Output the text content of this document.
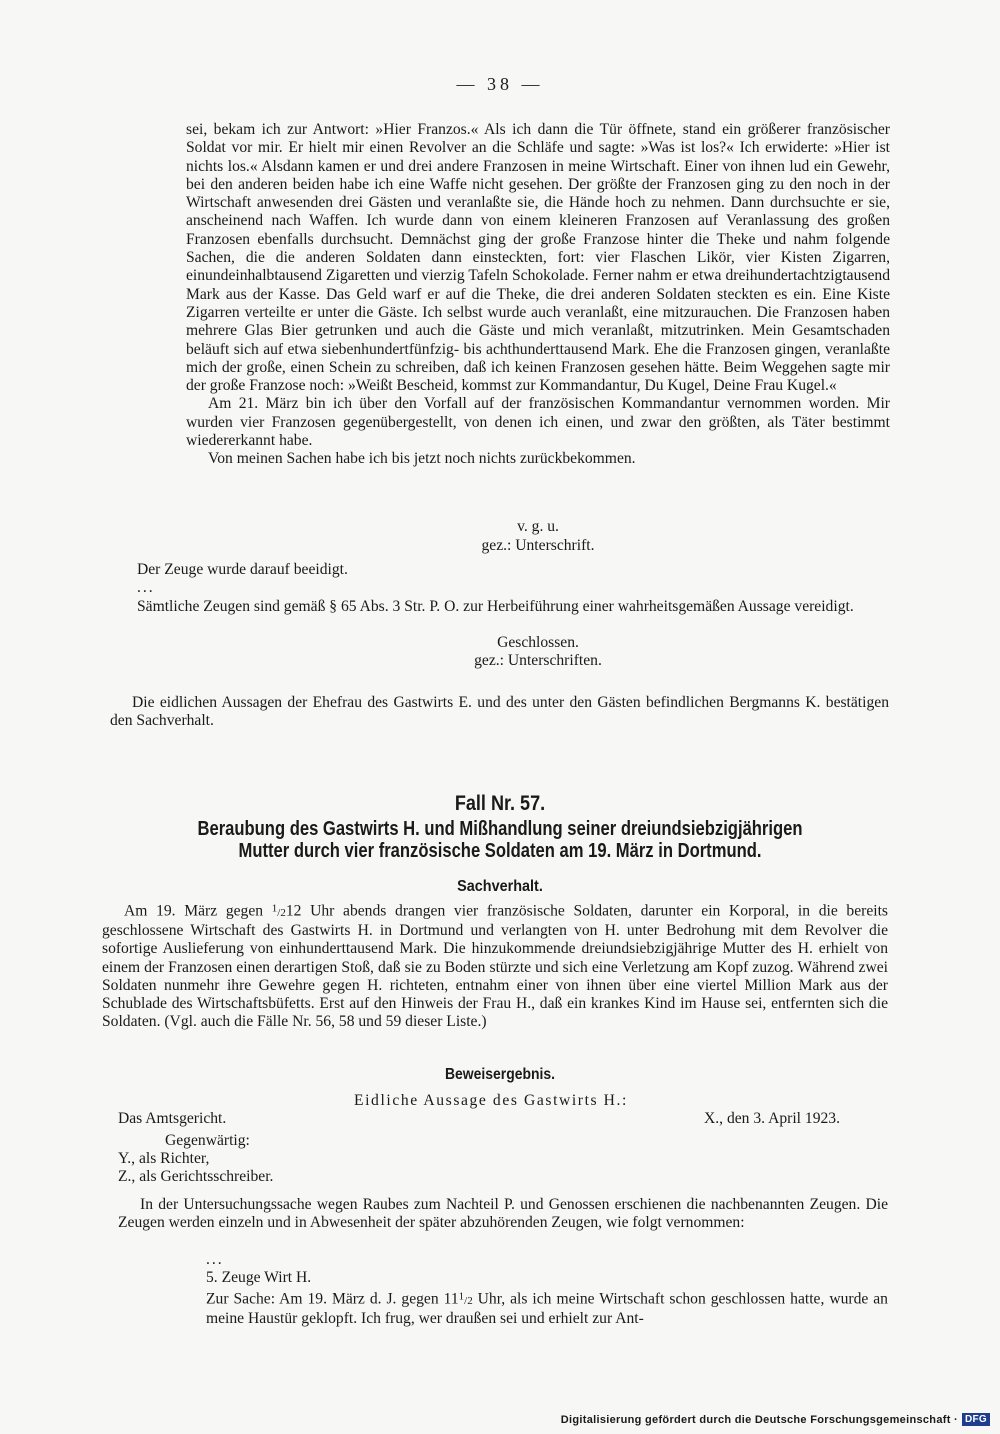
— 38 —

sei, bekam ich zur Antwort: »Hier Franzos.« Als ich dann die Tür öffnete, stand ein größerer französischer Soldat vor mir. Er hielt mir einen Revolver an die Schläfe und sagte: »Was ist los?« Ich erwiderte: »Hier ist nichts los.« Alsdann kamen er und drei andere Franzosen in meine Wirtschaft. Einer von ihnen lud ein Gewehr, bei den anderen beiden habe ich eine Waffe nicht gesehen. Der größte der Franzosen ging zu den noch in der Wirtschaft anwesenden drei Gästen und veranlaßte sie, die Hände hoch zu nehmen. Dann durchsuchte er sie, anscheinend nach Waffen. Ich wurde dann von einem kleineren Franzosen auf Veranlassung des großen Franzosen ebenfalls durchsucht. Demnächst ging der große Franzose hinter die Theke und nahm folgende Sachen, die die anderen Soldaten dann einsteckten, fort: vier Flaschen Likör, vier Kisten Zigarren, einundeinhalbtausend Zigaretten und vierzig Tafeln Schokolade. Ferner nahm er etwa dreihundertachtzigtausend Mark aus der Kasse. Das Geld warf er auf die Theke, die drei anderen Soldaten steckten es ein. Eine Kiste Zigarren verteilte er unter die Gäste. Ich selbst wurde auch veranlaßt, eine mitzurauchen. Die Franzosen haben mehrere Glas Bier getrunken und auch die Gäste und mich veranlaßt, mitzutrinken. Mein Gesamtschaden beläuft sich auf etwa siebenhundertfünfzig- bis achthunderttausend Mark. Ehe die Franzosen gingen, veranlaßte mich der große, einen Schein zu schreiben, daß ich keinen Franzosen gesehen hätte. Beim Weggehen sagte mir der große Franzose noch: »Weißt Bescheid, kommst zur Kommandantur, Du Kugel, Deine Frau Kugel.«

Am 21. März bin ich über den Vorfall auf der französischen Kommandantur vernommen worden. Mir wurden vier Franzosen gegenübergestellt, von denen ich einen, und zwar den größten, als Täter bestimmt wiedererkannt habe.

Von meinen Sachen habe ich bis jetzt noch nichts zurückbekommen.

v. g. u.
gez.: Unterschrift.
Der Zeuge wurde darauf beeidigt.
...
Sämtliche Zeugen sind gemäß § 65 Abs. 3 Str. P. O. zur Herbeiführung einer wahrheitsgemäßen Aussage vereidigt.
Geschlossen.
gez.: Unterschriften.
Die eidlichen Aussagen der Ehefrau des Gastwirts E. und des unter den Gästen befindlichen Bergmanns K. bestätigen den Sachverhalt.
Fall Nr. 57.
Beraubung des Gastwirts H. und Mißhandlung seiner dreiundsiebzigjährigen Mutter durch vier französische Soldaten am 19. März in Dortmund.
Sachverhalt.
Am 19. März gegen 1/212 Uhr abends drangen vier französische Soldaten, darunter ein Korporal, in die bereits geschlossene Wirtschaft des Gastwirts H. in Dortmund und verlangten von H. unter Bedrohung mit dem Revolver die sofortige Auslieferung von einhunderttausend Mark. Die hinzukommende dreiundsiebzigjährige Mutter des H. erhielt von einem der Franzosen einen derartigen Stoß, daß sie zu Boden stürzte und sich eine Verletzung am Kopf zuzog. Während zwei Soldaten nunmehr ihre Gewehre gegen H. richteten, entnahm einer von ihnen über eine viertel Million Mark aus der Schublade des Wirtschaftsbüfetts. Erst auf den Hinweis der Frau H., daß ein krankes Kind im Hause sei, entfernten sich die Soldaten. (Vgl. auch die Fälle Nr. 56, 58 und 59 dieser Liste.)
Beweisergebnis.
Eidliche Aussage des Gastwirts H.:
Das Amtsgericht.	X., den 3. April 1923.
Gegenwärtig:
Y., als Richter,
Z., als Gerichtsschreiber.
In der Untersuchungssache wegen Raubes zum Nachteil P. und Genossen erschienen die nachbenannten Zeugen. Die Zeugen werden einzeln und in Abwesenheit der später abzuhörenden Zeugen, wie folgt vernommen:
...
5. Zeuge Wirt H.
Zur Sache: Am 19. März d. J. gegen 111/2 Uhr, als ich meine Wirtschaft schon geschlossen hatte, wurde an meine Haustür geklopft. Ich frug, wer draußen sei und erhielt zur Ant-
Digitalisierung gefördert durch die Deutsche Forschungsgemeinschaft · DFG
